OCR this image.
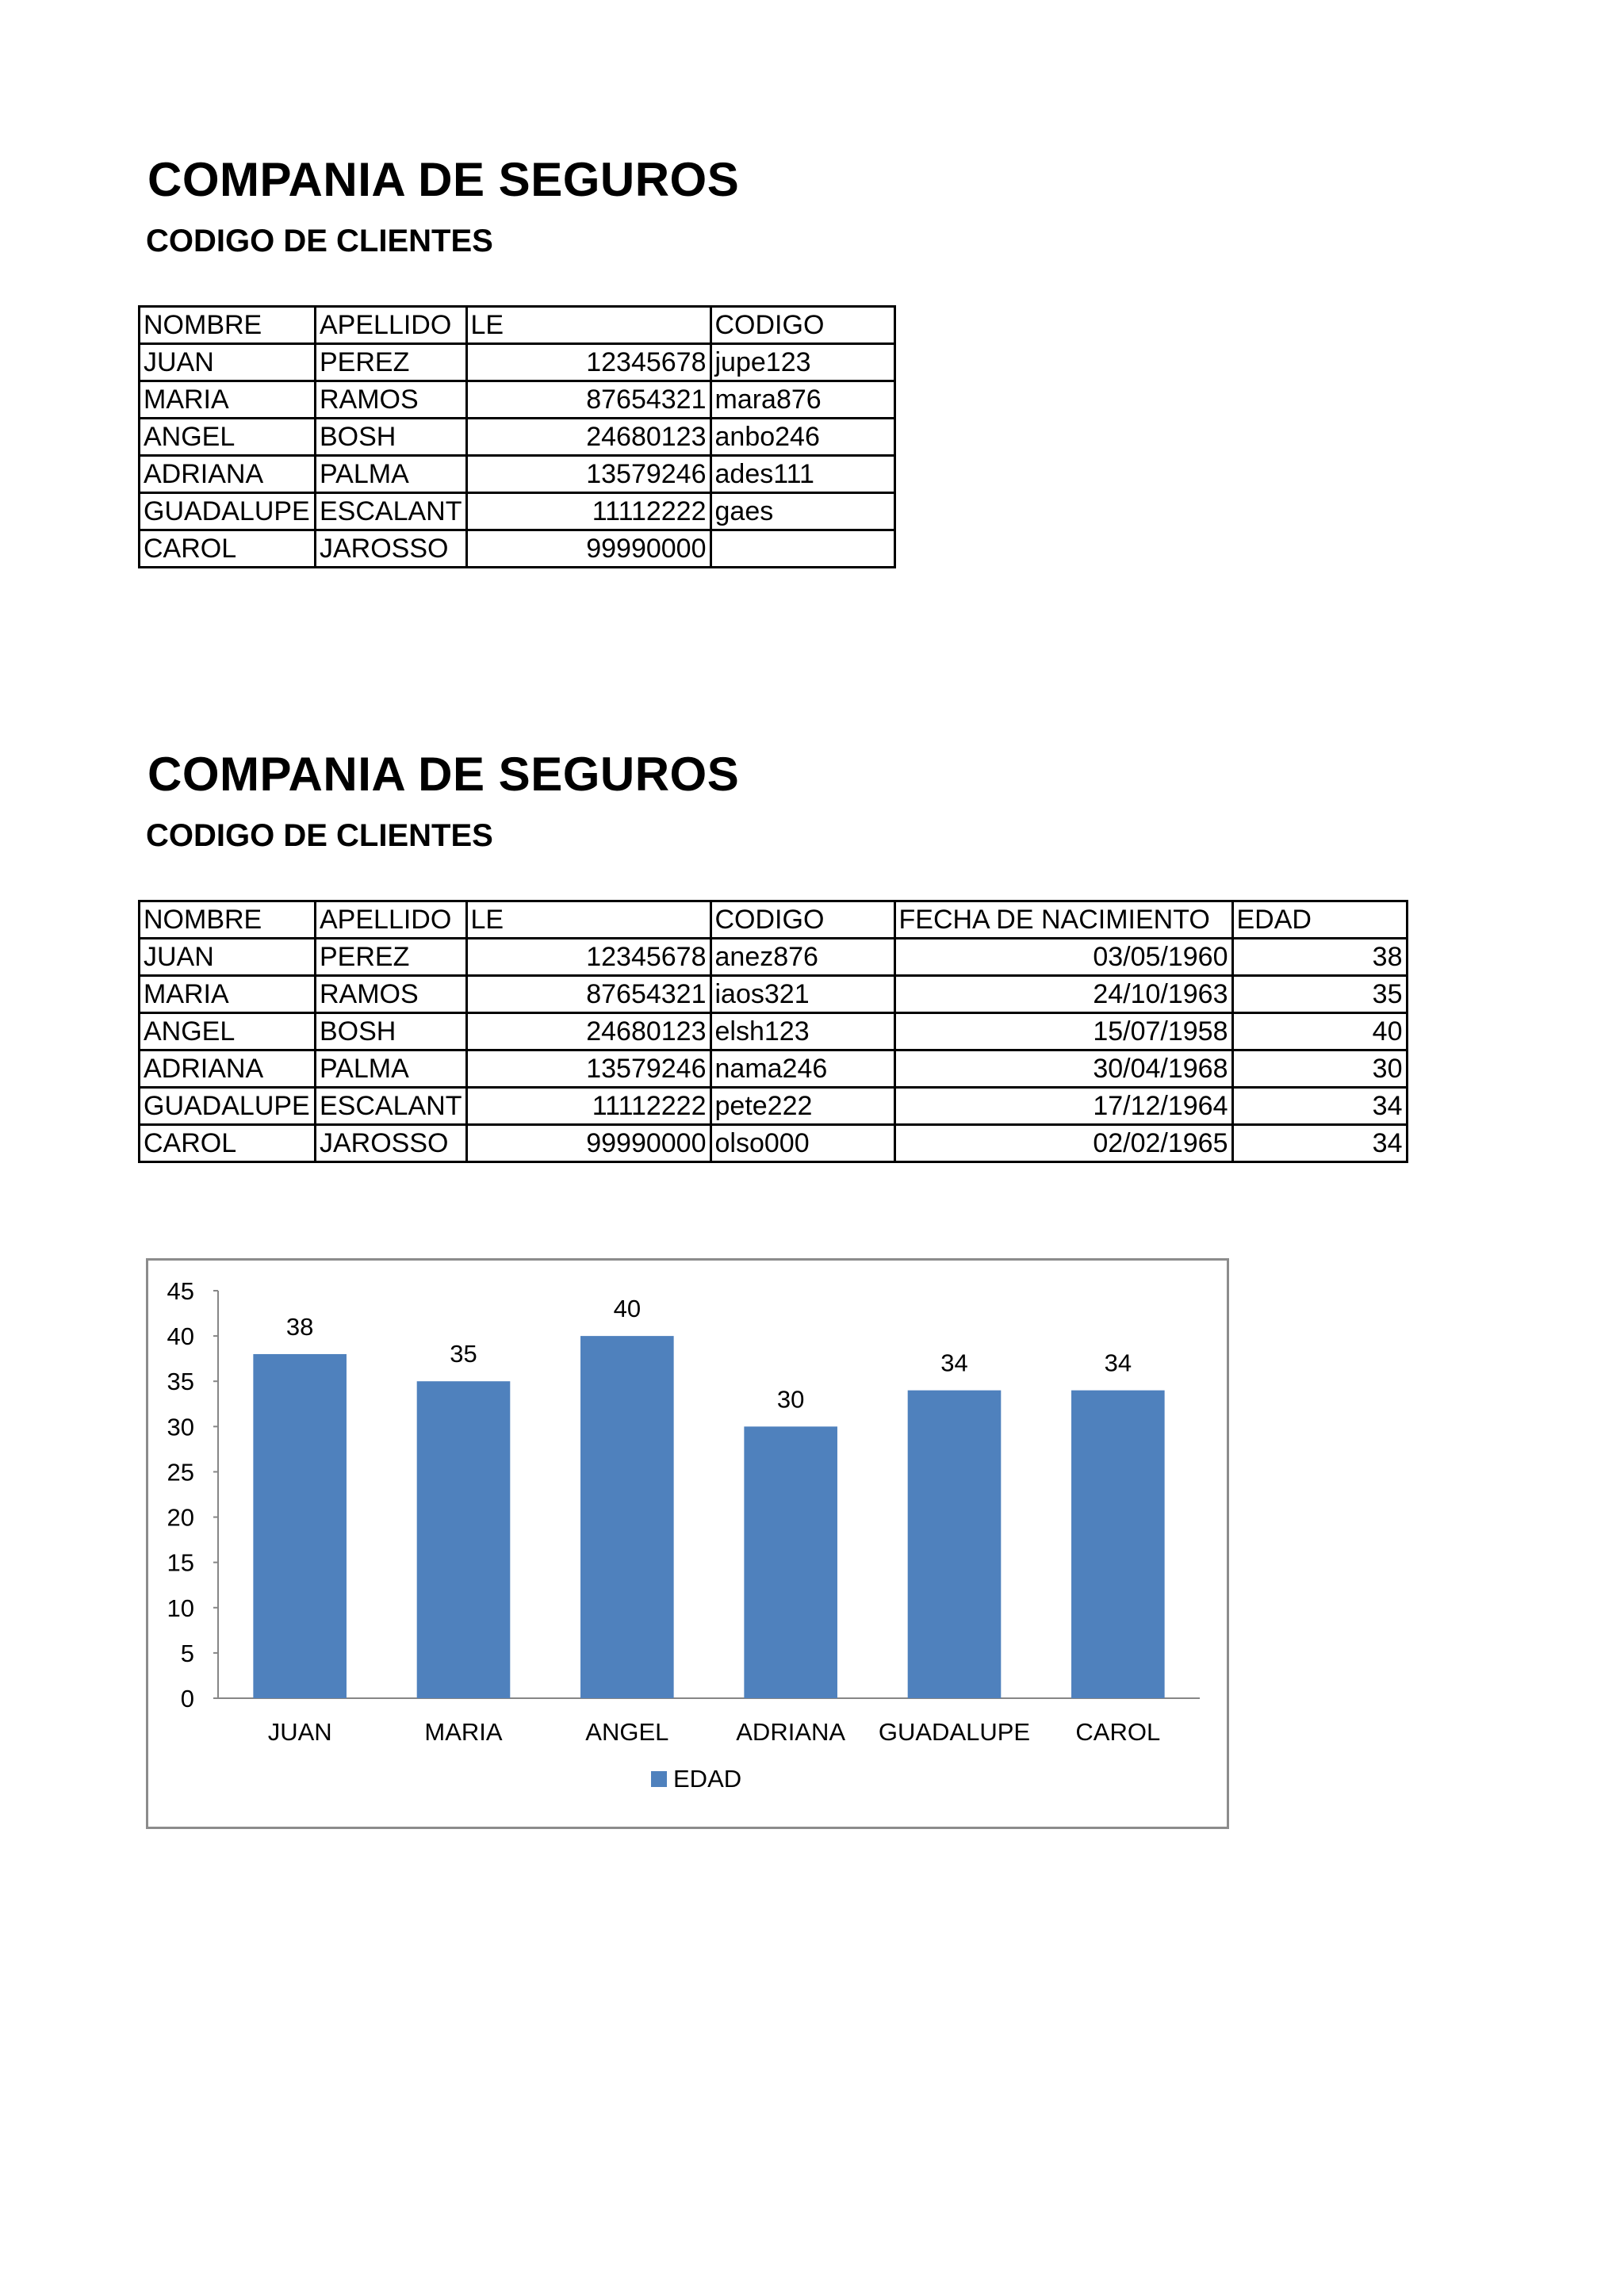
COMPANIA DE SEGUROS
CODIGO DE CLIENTES
NOMBRE	APELLIDO	LE	CODIGO
JUAN	PEREZ	12345678	jupe123
MARIA	RAMOS	87654321	mara876
ANGEL	BOSH	24680123	anbo246
ADRIANA	PALMA	13579246	ades111
GUADALUPE	ESCALANT	11112222	gaes
CAROL	JAROSSO	99990000	
COMPANIA DE SEGUROS
CODIGO DE CLIENTES
NOMBRE	APELLIDO	LE	CODIGO	FECHA DE NACIMIENTO	EDAD
JUAN	PEREZ	12345678	anez876	03/05/1960	38
MARIA	RAMOS	87654321	iaos321	24/10/1963	35
ANGEL	BOSH	24680123	elsh123	15/07/1958	40
ADRIANA	PALMA	13579246	nama246	30/04/1968	30
GUADALUPE	ESCALANT	11112222	pete222	17/12/1964	34
CAROL	JAROSSO	99990000	olso000	02/02/1965	34
0
5
10
15
20
25
30
35
40
45
38
JUAN
35
MARIA
40
ANGEL
30
ADRIANA
34
GUADALUPE
34
CAROL
EDAD
